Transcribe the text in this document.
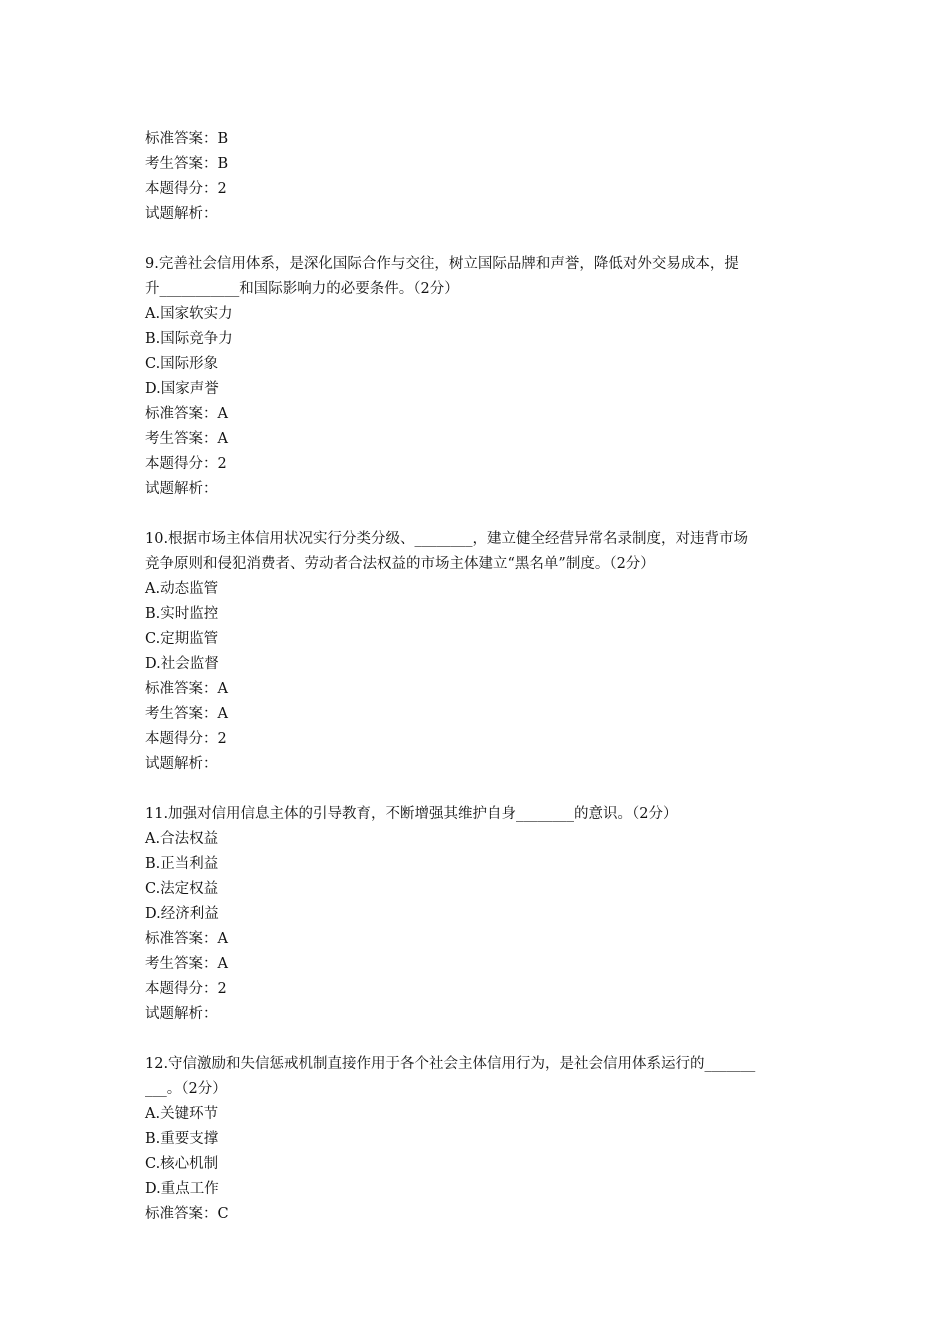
标准答案：B
考生答案：B
本题得分：2
试题解析：
9.完善社会信用体系，是深化国际合作与交往，树立国际品牌和声誉，降低对外交易成本，提
升___________和国际影响力的必要条件。（2分）
A.国家软实力
B.国际竞争力
C.国际形象
D.国家声誉
标准答案：A
考生答案：A
本题得分：2
试题解析：
10.根据市场主体信用状况实行分类分级、________，建立健全经营异常名录制度，对违背市场
竞争原则和侵犯消费者、劳动者合法权益的市场主体建立“黑名单”制度。（2分）
A.动态监管
B.实时监控
C.定期监管
D.社会监督
标准答案：A
考生答案：A
本题得分：2
试题解析：
11.加强对信用信息主体的引导教育，不断增强其维护自身________的意识。（2分）
A.合法权益
B.正当利益
C.法定权益
D.经济利益
标准答案：A
考生答案：A
本题得分：2
试题解析：
12.守信激励和失信惩戒机制直接作用于各个社会主体信用行为，是社会信用体系运行的_______
___。（2分）
A.关键环节
B.重要支撑
C.核心机制
D.重点工作
标准答案：C
